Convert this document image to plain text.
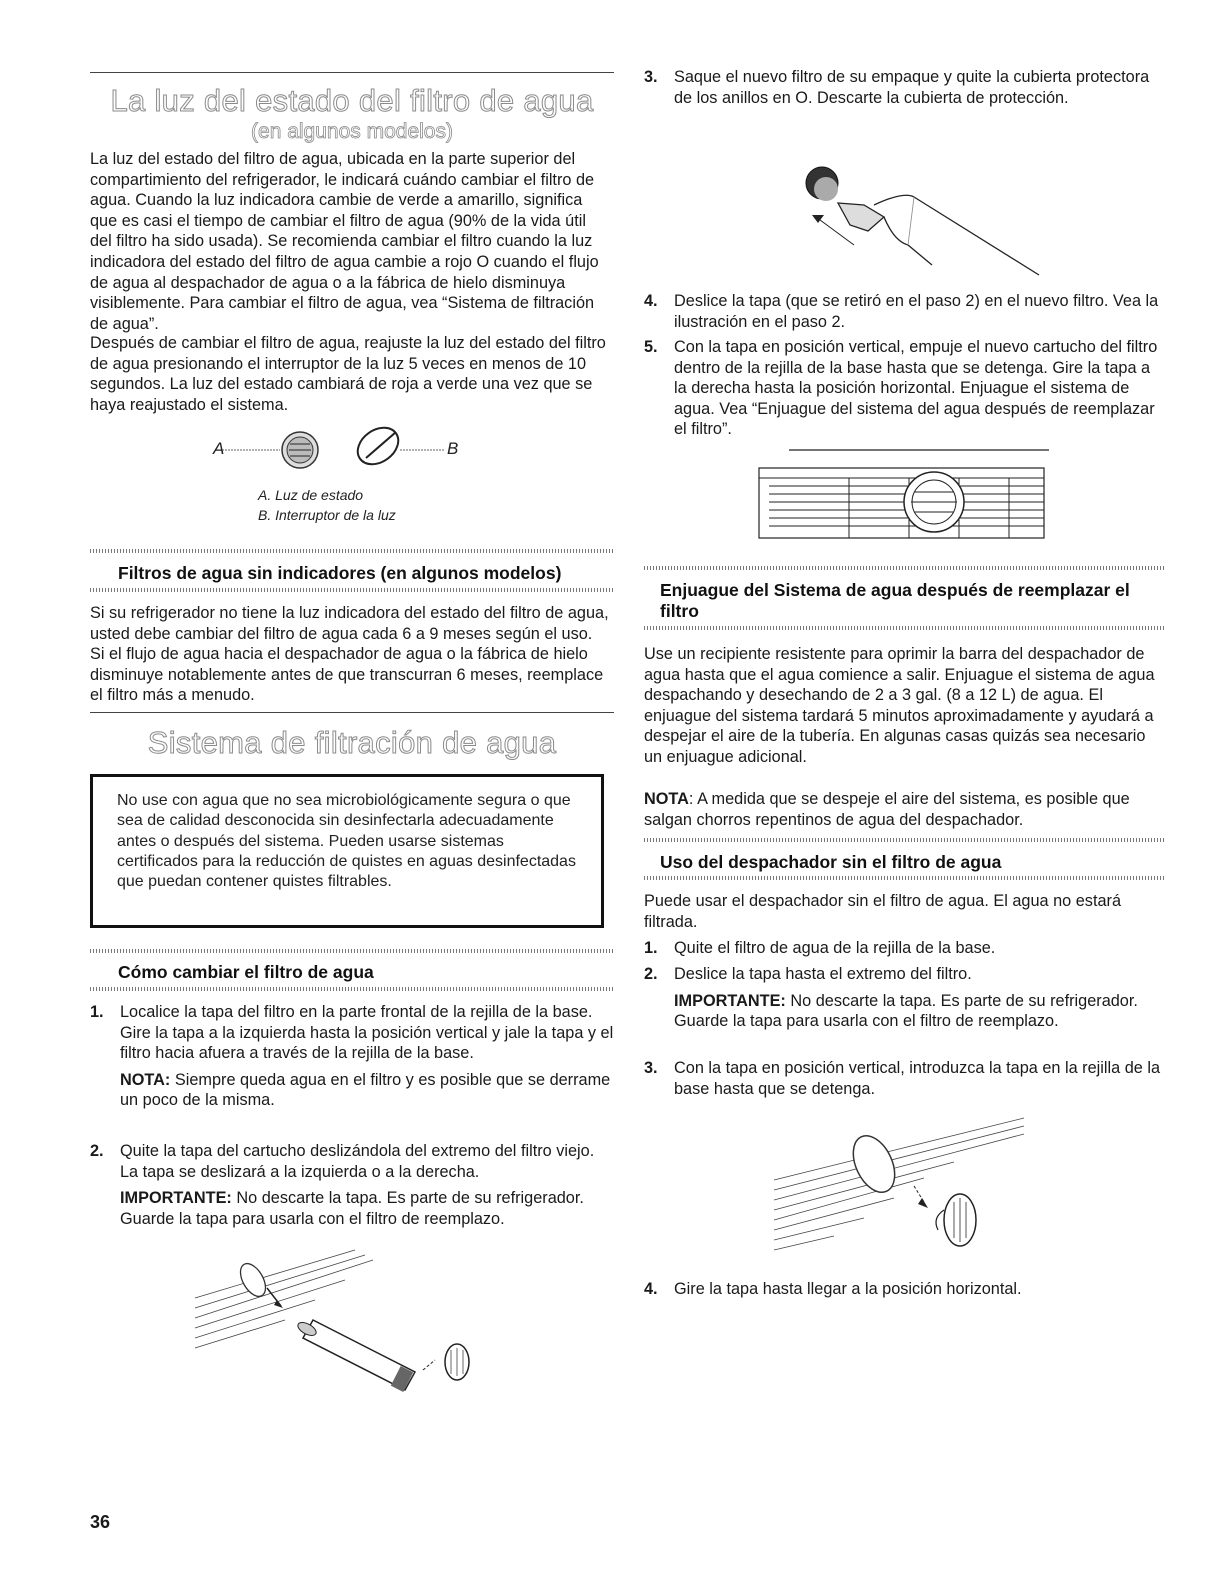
La luz del estado del filtro de agua
(en algunos modelos)

La luz del estado del filtro de agua, ubicada en la parte superior del compartimiento del refrigerador, le indicará cuándo cambiar el filtro de agua. Cuando la luz indicadora cambie de verde a amarillo, significa que es casi el tiempo de cambiar el filtro de agua (90% de la vida útil del filtro ha sido usada). Se recomienda cambiar el filtro cuando la luz indicadora del estado del filtro de agua cambie a rojo O cuando el flujo de agua al despachador de agua o a la fábrica de hielo disminuya visiblemente. Para cambiar el filtro de agua, vea “Sistema de filtración de agua”.

Después de cambiar el filtro de agua, reajuste la luz del estado del filtro de agua presionando el interruptor de la luz 5 veces en menos de 10 segundos. La luz del estado cambiará de roja a verde una vez que se haya reajustado el sistema.

A	B
A. Luz de estado
B. Interruptor de la luz
Filtros de agua sin indicadores (en algunos modelos)

Si su refrigerador no tiene la luz indicadora del estado del filtro de agua, usted debe cambiar del filtro de agua cada 6 a 9 meses según el uso. Si el flujo de agua hacia el despachador de agua o la fábrica de hielo disminuye notablemente antes de que transcurran 6 meses, reemplace el filtro más a menudo.

Sistema de filtración de agua

No use con agua que no sea microbiológicamente segura o que sea de calidad desconocida sin desinfectarla adecuadamente antes o después del sistema. Pueden usarse sistemas certificados para la reducción de quistes en aguas desinfectadas que puedan contener quistes filtrables.

Cómo cambiar el filtro de agua
1. Localice la tapa del filtro en la parte frontal de la rejilla de la base. Gire la tapa a la izquierda hasta la posición vertical y jale la tapa y el filtro hacia afuera a través de la rejilla de la base.

NOTA: Siempre queda agua en el filtro y es posible que se derrame un poco de la misma.

2. Quite la tapa del cartucho deslizándola del extremo del filtro viejo. La tapa se deslizará a la izquierda o a la derecha.

IMPORTANTE: No descarte la tapa. Es parte de su refrigerador. Guarde la tapa para usarla con el filtro de reemplazo.

36
3. Saque el nuevo filtro de su empaque y quite la cubierta protectora de los anillos en O. Descarte la cubierta de protección.

4. Deslice la tapa (que se retiró en el paso 2) en el nuevo filtro. Vea la ilustración en el paso 2.

5. Con la tapa en posición vertical, empuje el nuevo cartucho del filtro dentro de la rejilla de la base hasta que se detenga. Gire la tapa a la derecha hasta la posición horizontal. Enjuague el sistema de agua. Vea “Enjuague del sistema del agua después de reemplazar el filtro”.

Enjuague del Sistema de agua después de reemplazar el filtro

Use un recipiente resistente para oprimir la barra del despachador de agua hasta que el agua comience a salir. Enjuague el sistema de agua despachando y desechando de 2 a 3 gal. (8 a 12 L) de agua. El enjuague del sistema tardará 5 minutos aproximadamente y ayudará a despejar el aire de la tubería. En algunas casas quizás sea necesario un enjuague adicional.

NOTA: A medida que se despeje el aire del sistema, es posible que salgan chorros repentinos de agua del despachador.

Uso del despachador sin el filtro de agua

Puede usar el despachador sin el filtro de agua. El agua no estará filtrada.

1. Quite el filtro de agua de la rejilla de la base.

2. Deslice la tapa hasta el extremo del filtro.

IMPORTANTE: No descarte la tapa. Es parte de su refrigerador. Guarde la tapa para usarla con el filtro de reemplazo.

3. Con la tapa en posición vertical, introduzca la tapa en la rejilla de la base hasta que se detenga.

4. Gire la tapa hasta llegar a la posición horizontal.
